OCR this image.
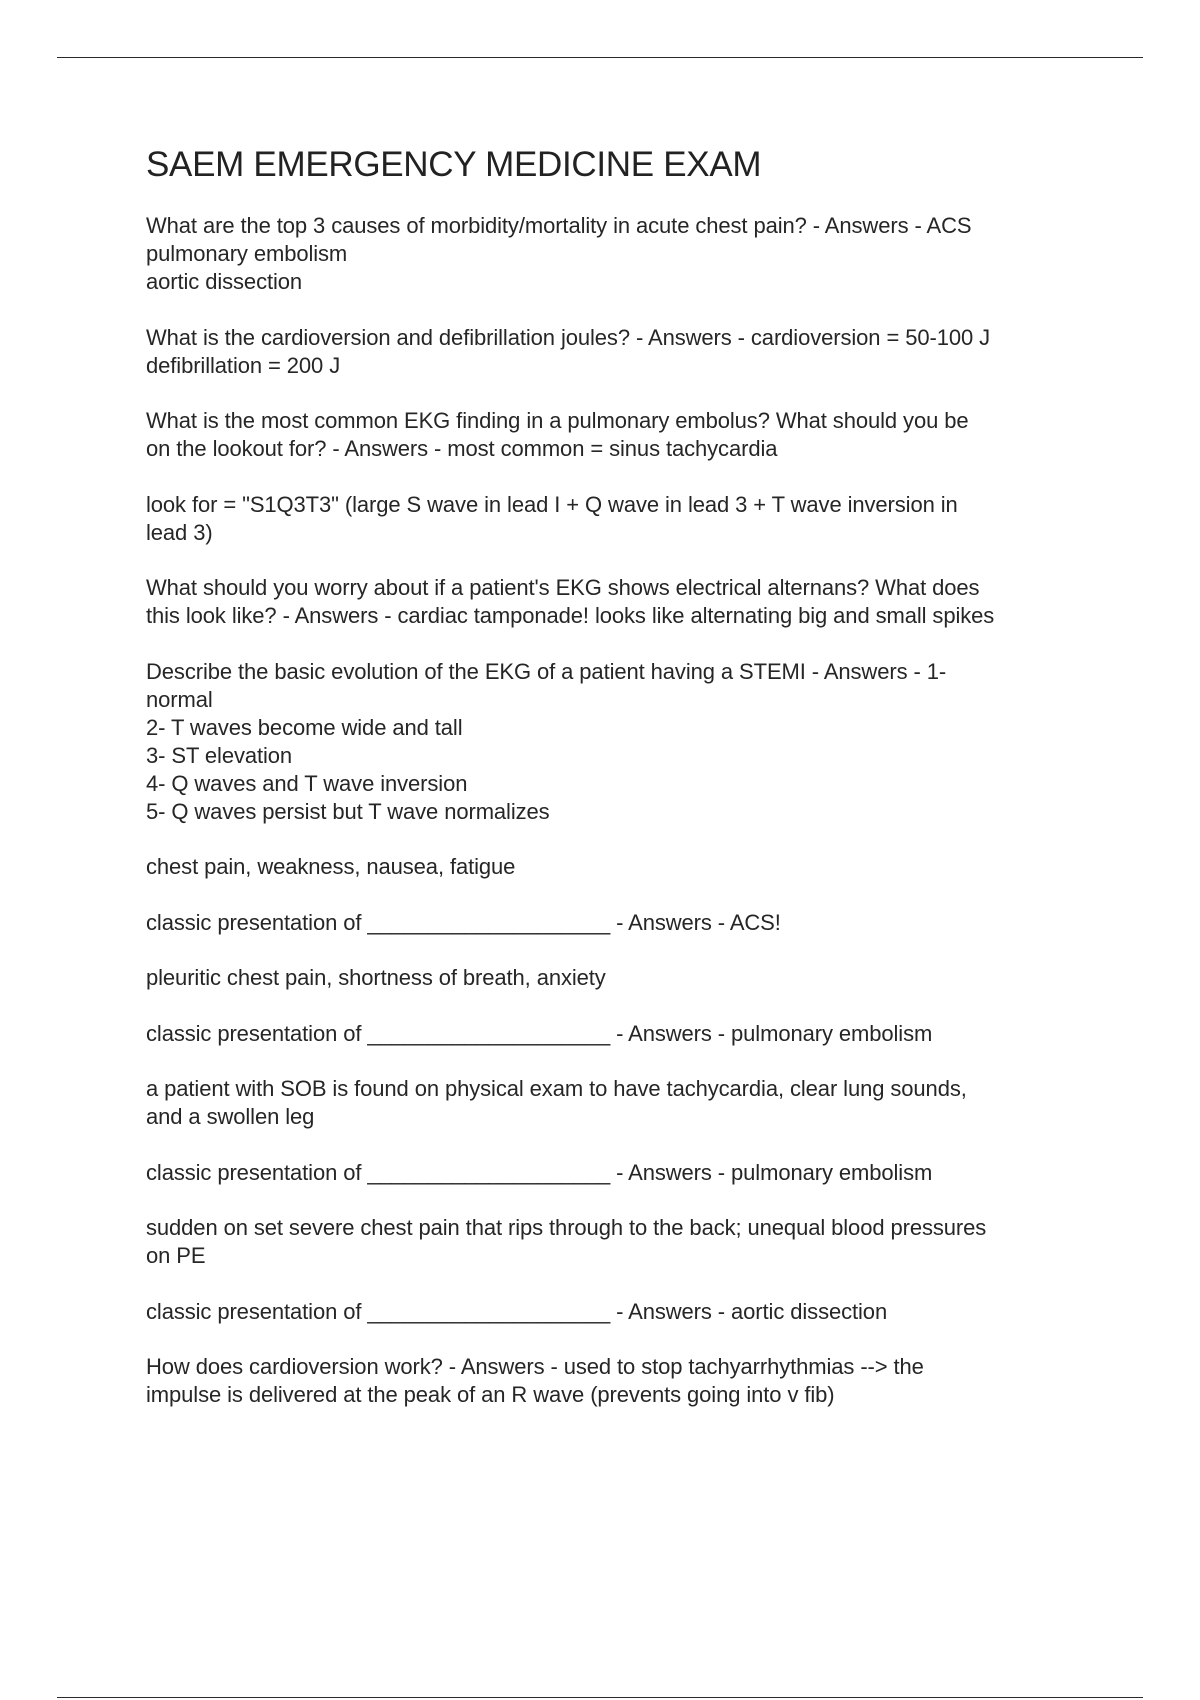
SAEM EMERGENCY MEDICINE EXAM

What are the top 3 causes of morbidity/mortality in acute chest pain? - Answers - ACS
pulmonary embolism
aortic dissection

What is the cardioversion and defibrillation joules? - Answers - cardioversion = 50-100 J
defibrillation = 200 J

What is the most common EKG finding in a pulmonary embolus? What should you be
on the lookout for? - Answers - most common = sinus tachycardia

look for = "S1Q3T3" (large S wave in lead I + Q wave in lead 3 + T wave inversion in
lead 3)

What should you worry about if a patient's EKG shows electrical alternans? What does
this look like? - Answers - cardiac tamponade! looks like alternating big and small spikes

Describe the basic evolution of the EKG of a patient having a STEMI - Answers - 1-
normal
2- T waves become wide and tall
3- ST elevation
4- Q waves and T wave inversion
5- Q waves persist but T wave normalizes

chest pain, weakness, nausea, fatigue

classic presentation of ____________________ - Answers - ACS!

pleuritic chest pain, shortness of breath, anxiety

classic presentation of ____________________ - Answers - pulmonary embolism

a patient with SOB is found on physical exam to have tachycardia, clear lung sounds,
and a swollen leg

classic presentation of ____________________ - Answers - pulmonary embolism

sudden on set severe chest pain that rips through to the back; unequal blood pressures
on PE

classic presentation of ____________________ - Answers - aortic dissection

How does cardioversion work? - Answers - used to stop tachyarrhythmias --> the
impulse is delivered at the peak of an R wave (prevents going into v fib)
